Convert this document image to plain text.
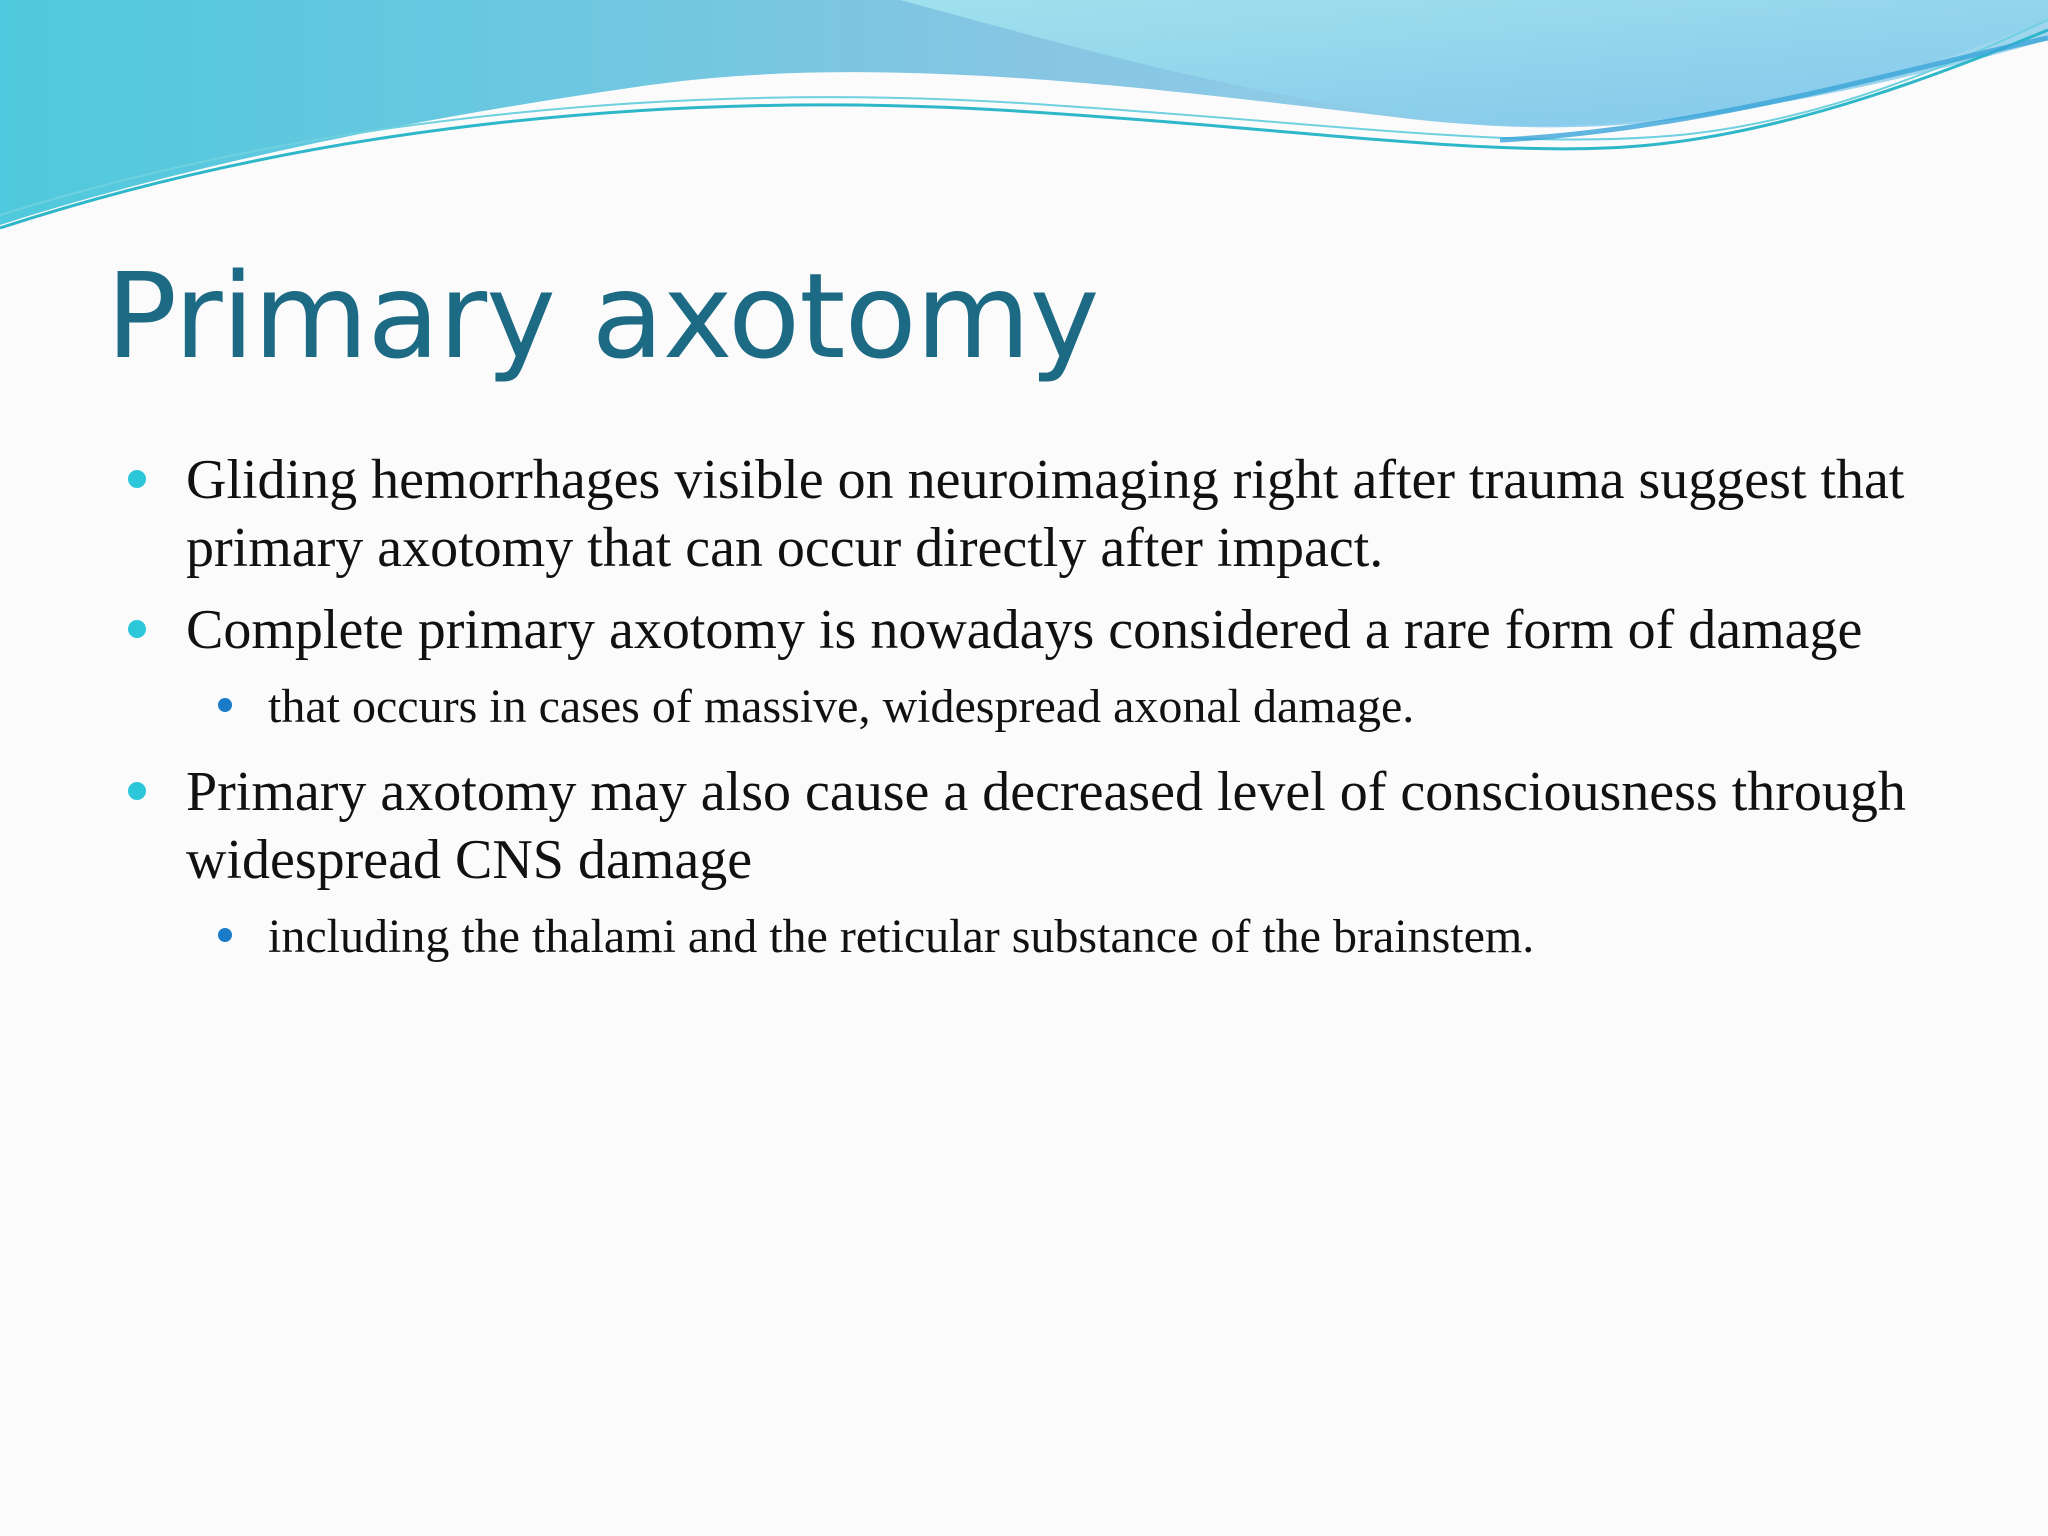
Primary axotomy
Gliding hemorrhages visible on neuroimaging right after trauma suggest that primary axotomy that can occur directly after impact.
Complete primary axotomy is nowadays considered a rare form of damage
that occurs in cases of massive, widespread axonal damage.
Primary axotomy may also cause a decreased level of consciousness through widespread CNS damage
including the thalami and the reticular substance of the brainstem.
